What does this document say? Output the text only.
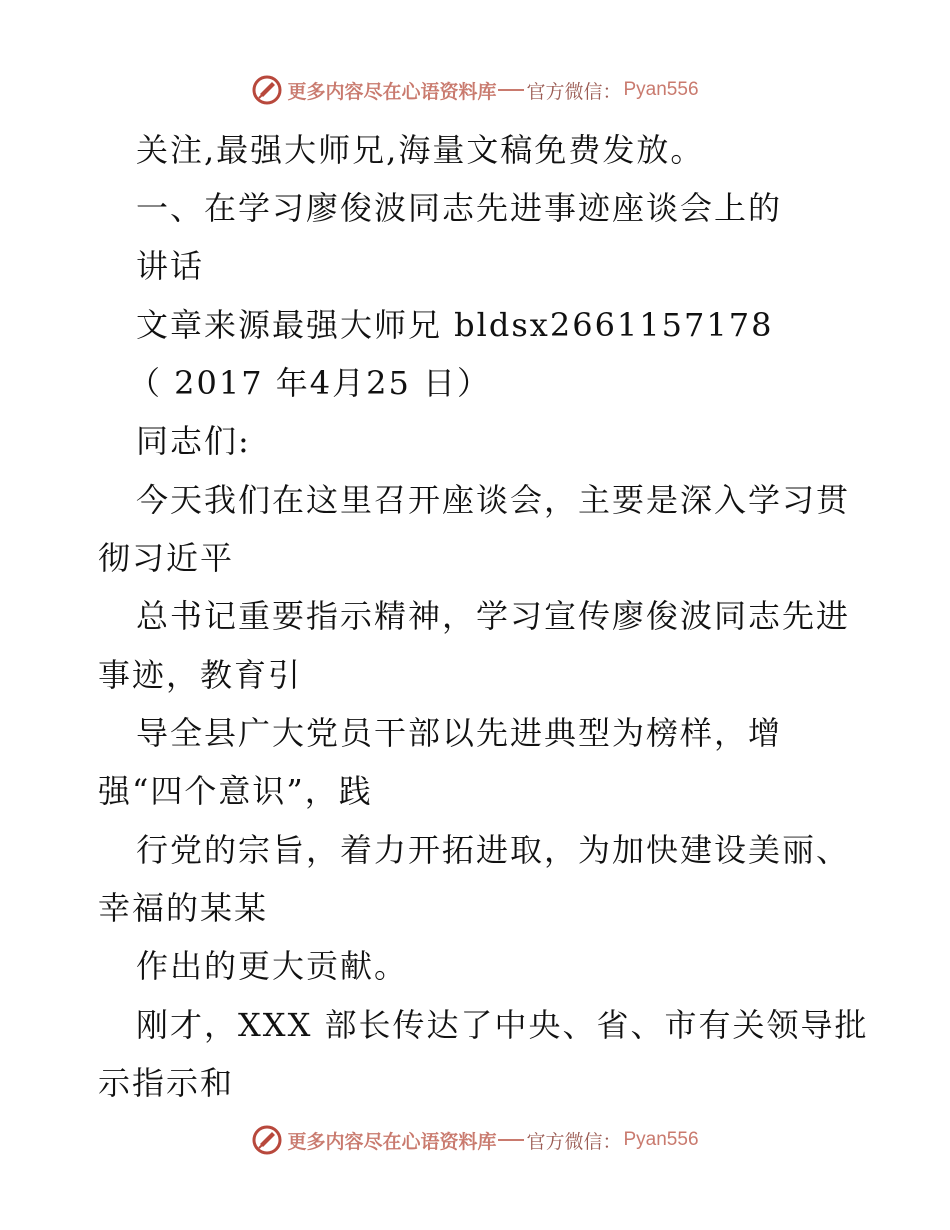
更多内容尽在心语资料库 官方微信： Pyan556
关注,最强大师兄,海量文稿免费发放。
一、在学习廖俊波同志先进事迹座谈会上的
讲话
文章来源最强大师兄 bldsx2661157178
（ 2017 年4月25 日）
同志们:
今天我们在这里召开座谈会，主要是深入学习贯
彻习近平
总书记重要指示精神，学习宣传廖俊波同志先进
事迹，教育引
导全县广大党员干部以先进典型为榜样，增
强“四个意识”，践
行党的宗旨，着力开拓进取，为加快建设美丽、
幸福的某某
作出的更大贡献。
刚才，XXX 部长传达了中央、省、市有关领导批
示指示和
更多内容尽在心语资料库 官方微信： Pyan556
